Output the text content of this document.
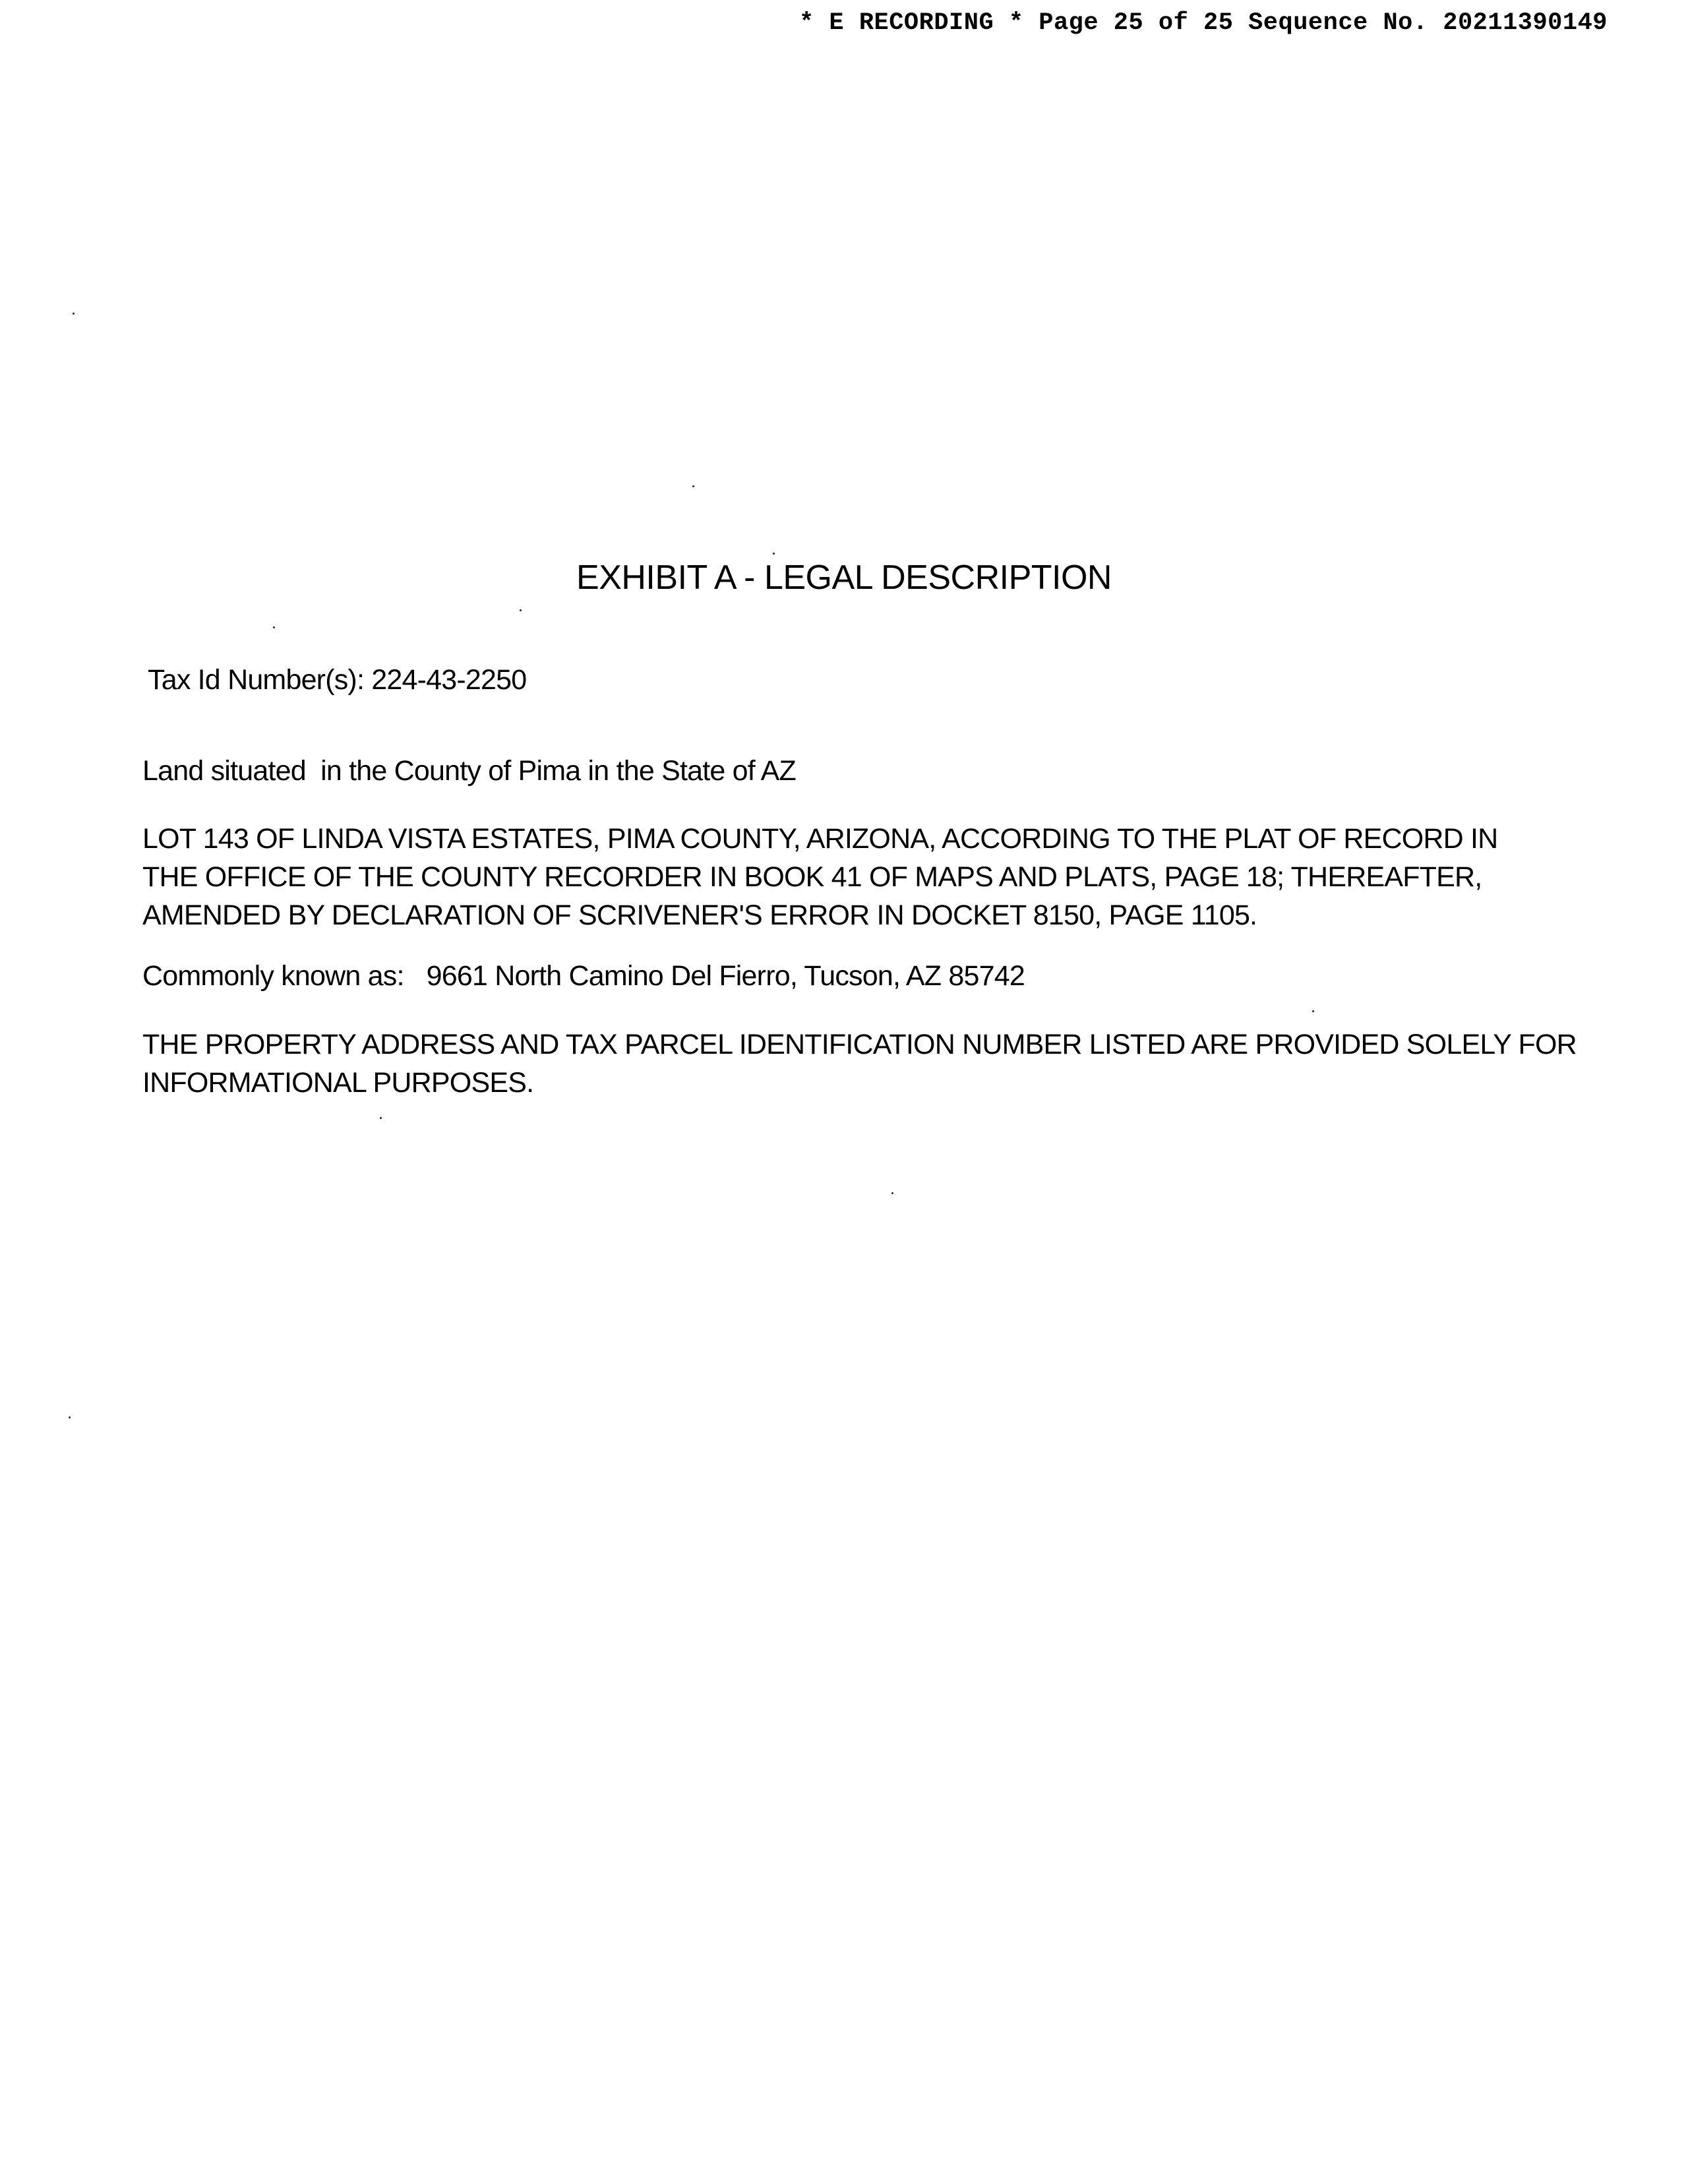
* E RECORDING * Page 25 of 25 Sequence No. 20211390149
EXHIBIT A - LEGAL DESCRIPTION
Tax Id Number(s): 224-43-2250
Land situated  in the County of Pima in the State of AZ
LOT 143 OF LINDA VISTA ESTATES, PIMA COUNTY, ARIZONA, ACCORDING TO THE PLAT OF RECORD IN
THE OFFICE OF THE COUNTY RECORDER IN BOOK 41 OF MAPS AND PLATS, PAGE 18; THEREAFTER,
AMENDED BY DECLARATION OF SCRIVENER'S ERROR IN DOCKET 8150, PAGE 1105.
Commonly known as: 9661 North Camino Del Fierro, Tucson, AZ 85742
THE PROPERTY ADDRESS AND TAX PARCEL IDENTIFICATION NUMBER LISTED ARE PROVIDED SOLELY FOR
INFORMATIONAL PURPOSES.
